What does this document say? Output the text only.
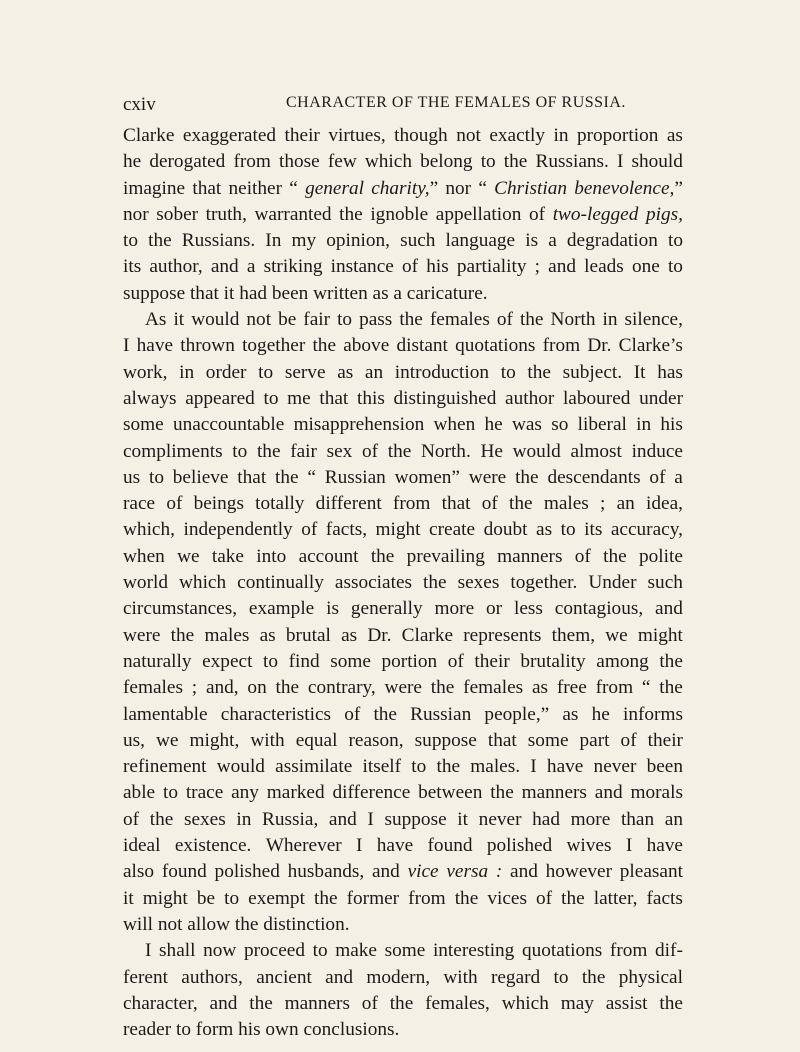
cxiv	CHARACTER OF THE FEMALES OF RUSSIA.
Clarke exaggerated their virtues, though not exactly in proportion as
he derogated from those few which belong to the Russians. I should
imagine that neither “ general charity,” nor “ Christian benevolence,”
nor sober truth, warranted the ignoble appellation of two-legged pigs,
to the Russians. In my opinion, such language is a degradation to
its author, and a striking instance of his partiality ; and leads one to
suppose that it had been written as a caricature.
As it would not be fair to pass the females of the North in silence,
I have thrown together the above distant quotations from Dr. Clarke’s
work, in order to serve as an introduction to the subject. It has
always appeared to me that this distinguished author laboured under
some unaccountable misapprehension when he was so liberal in his
compliments to the fair sex of the North. He would almost induce
us to believe that the “ Russian women” were the descendants of a
race of beings totally different from that of the males ; an idea,
which, independently of facts, might create doubt as to its accuracy,
when we take into account the prevailing manners of the polite
world which continually associates the sexes together. Under such
circumstances, example is generally more or less contagious, and
were the males as brutal as Dr. Clarke represents them, we might
naturally expect to find some portion of their brutality among the
females ; and, on the contrary, were the females as free from “ the
lamentable characteristics of the Russian people,” as he informs
us, we might, with equal reason, suppose that some part of their
refinement would assimilate itself to the males. I have never been
able to trace any marked difference between the manners and morals
of the sexes in Russia, and I suppose it never had more than an
ideal existence. Wherever I have found polished wives I have
also found polished husbands, and vice versa : and however pleasant
it might be to exempt the former from the vices of the latter, facts
will not allow the distinction.
I shall now proceed to make some interesting quotations from dif-
ferent authors, ancient and modern, with regard to the physical
character, and the manners of the females, which may assist the
reader to form his own conclusions.
